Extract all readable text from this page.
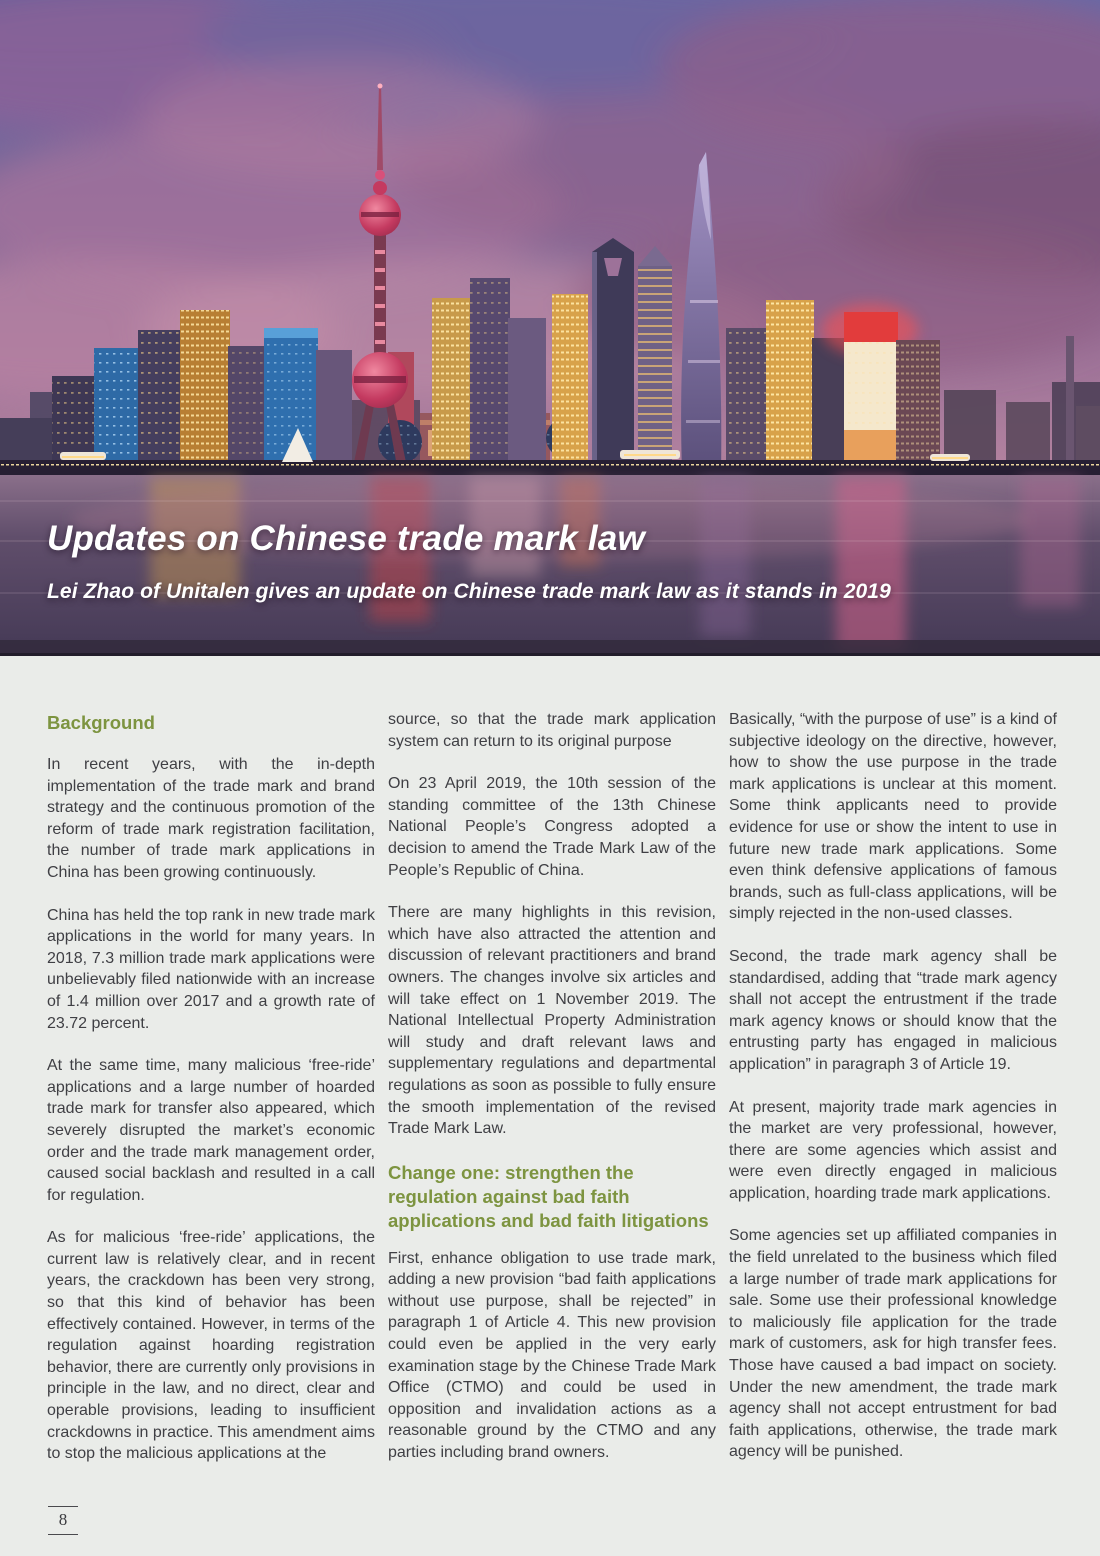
Updates on Chinese trade mark law

Lei Zhao of Unitalen gives an update on Chinese trade mark law as it stands in 2019

Background

In recent years, with the in-depth implementation of the trade mark and brand strategy and the continuous promotion of the reform of trade mark registration facilitation, the number of trade mark applications in China has been growing continuously.

China has held the top rank in new trade mark applications in the world for many years. In 2018, 7.3 million trade mark applications were unbelievably filed nationwide with an increase of 1.4 million over 2017 and a growth rate of 23.72 percent.

At the same time, many malicious ‘free-ride’ applications and a large number of hoarded trade mark for transfer also appeared, which severely disrupted the market’s economic order and the trade mark management order, caused social backlash and resulted in a call for regulation.

As for malicious ‘free-ride’ applications, the current law is relatively clear, and in recent years, the crackdown has been very strong, so that this kind of behavior has been effectively contained. However, in terms of the regulation against hoarding registration behavior, there are currently only provisions in principle in the law, and no direct, clear and operable provisions, leading to insufficient crackdowns in practice. This amendment aims to stop the malicious applications at the

source, so that the trade mark application system can return to its original purpose

On 23 April 2019, the 10th session of the standing committee of the 13th Chinese National People’s Congress adopted a decision to amend the Trade Mark Law of the People’s Republic of China.

There are many highlights in this revision, which have also attracted the attention and discussion of relevant practitioners and brand owners. The changes involve six articles and will take effect on 1 November 2019. The National Intellectual Property Administration will study and draft relevant laws and supplementary regulations and departmental regulations as soon as possible to fully ensure the smooth implementation of the revised Trade Mark Law.

Change one: strengthen the regulation against bad faith applications and bad faith litigations

First, enhance obligation to use trade mark, adding a new provision “bad faith applications without use purpose, shall be rejected” in paragraph 1 of Article 4. This new provision could even be applied in the very early examination stage by the Chinese Trade Mark Office (CTMO) and could be used in opposition and invalidation actions as a reasonable ground by the CTMO and any parties including brand owners.

Basically, “with the purpose of use” is a kind of subjective ideology on the directive, however, how to show the use purpose in the trade mark applications is unclear at this moment. Some think applicants need to provide evidence for use or show the intent to use in future new trade mark applications. Some even think defensive applications of famous brands, such as full-class applications, will be simply rejected in the non-used classes.

Second, the trade mark agency shall be standardised, adding that “trade mark agency shall not accept the entrustment if the trade mark agency knows or should know that the entrusting party has engaged in malicious application” in paragraph 3 of Article 19.

At present, majority trade mark agencies in the market are very professional, however, there are some agencies which assist and were even directly engaged in malicious application, hoarding trade mark applications.

Some agencies set up affiliated companies in the field unrelated to the business which filed a large number of trade mark applications for sale. Some use their professional knowledge to maliciously file application for the trade mark of customers, ask for high transfer fees. Those have caused a bad impact on society. Under the new amendment, the trade mark agency shall not accept entrustment for bad faith applications, otherwise, the trade mark agency will be punished.

8
